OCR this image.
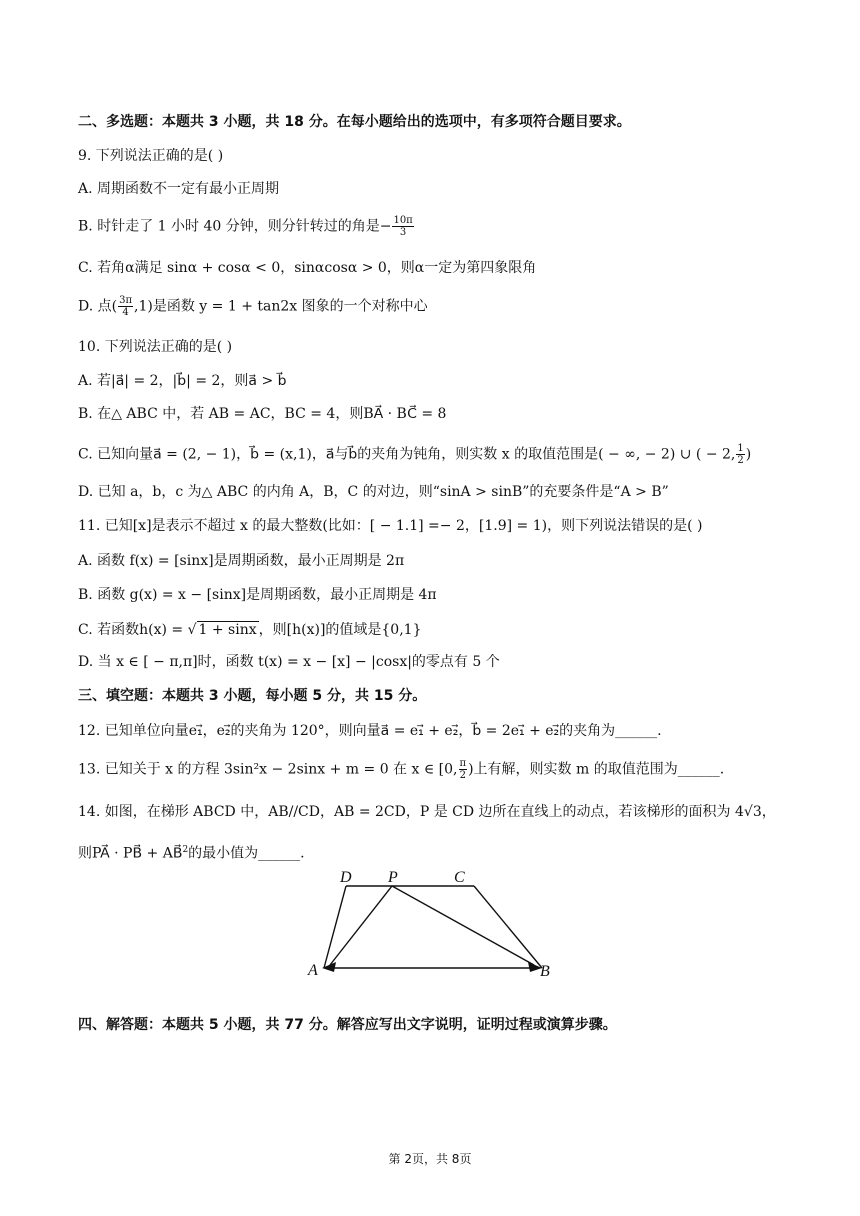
二、多选题：本题共 3 小题，共 18 分。在每小题给出的选项中，有多项符合题目要求。
9. 下列说法正确的是( )
A. 周期函数不一定有最小正周期
B. 时针走了 1 小时 40 分钟，则分针转过的角是− $\frac{10\pi}{3}$
C. 若角α满足 sinα + cosα < 0，sinαcosα > 0，则α一定为第四象限角
D. 点( $\frac{3\pi}{4} ,1$)是函数 y = 1 + tan2x 图象的一个对称中心
10. 下列说法正确的是( )
A. 若|a⃗| = 2，|b⃗| = 2，则a⃗ > b⃗
B. 在△ ABC 中，若 AB = AC，BC = 4，则BA⃗ · BC⃗ = 8
C. 已知向量a⃗ = (2, − 1)，b⃗ = (x,1)，a⃗与b⃗的夹角为钝角，则实数 x 的取值范围是( − ∞, − 2) ∪ ( − 2, $\frac{1}{2}$ )
D. 已知 a，b，c 为△ ABC 的内角 A，B，C 的对边，则“sinA > sinB”的充要条件是“A > B”
11. 已知[x]是表示不超过 x 的最大整数(比如：[ − 1.1] =− 2，[1.9] = 1)，则下列说法错误的是( )
A. 函数 f(x) = [sinx]是周期函数，最小正周期是 2π
B. 函数 g(x) = x − [sinx]是周期函数，最小正周期是 4π
C. 若函数h(x) = √ 1 + sinx ，则[h(x)]的值域是{0,1}
D. 当 x ∈ [ − π,π]时，函数 t(x) = x − [x] − |cosx|的零点有 5 个
三、填空题：本题共 3 小题，每小题 5 分，共 15 分。
12. 已知单位向量e₁⃗，e₂⃗的夹角为 120°，则向量a⃗ = e₁⃗ + e₂⃗，b⃗ = 2e₁⃗ + e₂⃗的夹角为______.
13. 已知关于 x 的方程 3sin²x − 2sinx + m = 0 在 x ∈ [0, $\frac{\pi}{2}$ )上有解，则实数 m 的取值范围为______.
14. 如图，在梯形 ABCD 中，AB//CD，AB = 2CD，P 是 CD 边所在直线上的动点，若该梯形的面积为 4√3，
则PA⃗ · PB⃗ + AB⃗$^2$的最小值为______.
D P	C
A	B
四、解答题：本题共 5 小题，共 77 分。解答应写出文字说明，证明过程或演算步骤。
第 2页，共 8页
